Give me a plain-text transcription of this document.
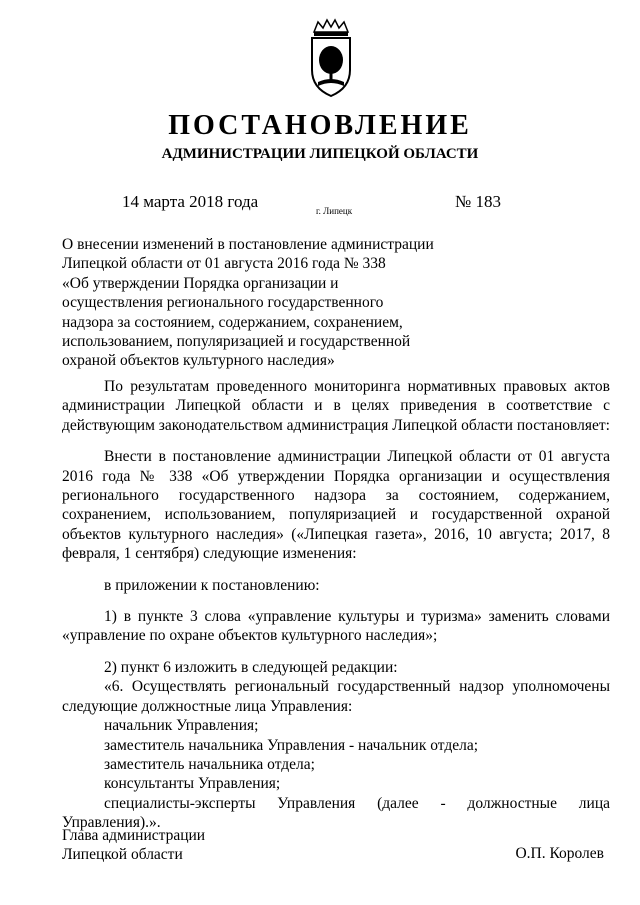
ПОСТАНОВЛЕНИЕ
АДМИНИСТРАЦИИ ЛИПЕЦКОЙ ОБЛАСТИ
14 марта 2018 года	г. Липецк	№ 183
О внесении изменений в постановление администрации
Липецкой области от 01 августа 2016 года № 338
«Об утверждении Порядка организации и
осуществления регионального государственного
надзора за состоянием, содержанием, сохранением,
использованием, популяризацией и государственной
охраной объектов культурного наследия»

По результатам проведенного мониторинга нормативных правовых актов администрации Липецкой области и в целях приведения в соответствие с действующим законодательством администрация Липецкой области постановляет:

Внести в постановление администрации Липецкой области от 01 августа 2016 года № 338 «Об утверждении Порядка организации и осуществления регионального государственного надзора за состоянием, содержанием, сохранением, использованием, популяризацией и государственной охраной объектов культурного наследия» («Липецкая газета», 2016, 10 августа; 2017, 8 февраля, 1 сентября) следующие изменения:

в приложении к постановлению:

1) в пункте 3 слова «управление культуры и туризма» заменить словами «управление по охране объектов культурного наследия»;

2) пункт 6 изложить в следующей редакции:

«6. Осуществлять региональный государственный надзор уполномочены следующие должностные лица Управления:

начальник Управления;
заместитель начальника Управления - начальник отдела;
заместитель начальника отдела;
консультанты Управления;

специалисты-эксперты Управления (далее - должностные лица Управления).».

Глава администрации
Липецкой области	О.П. Королев
